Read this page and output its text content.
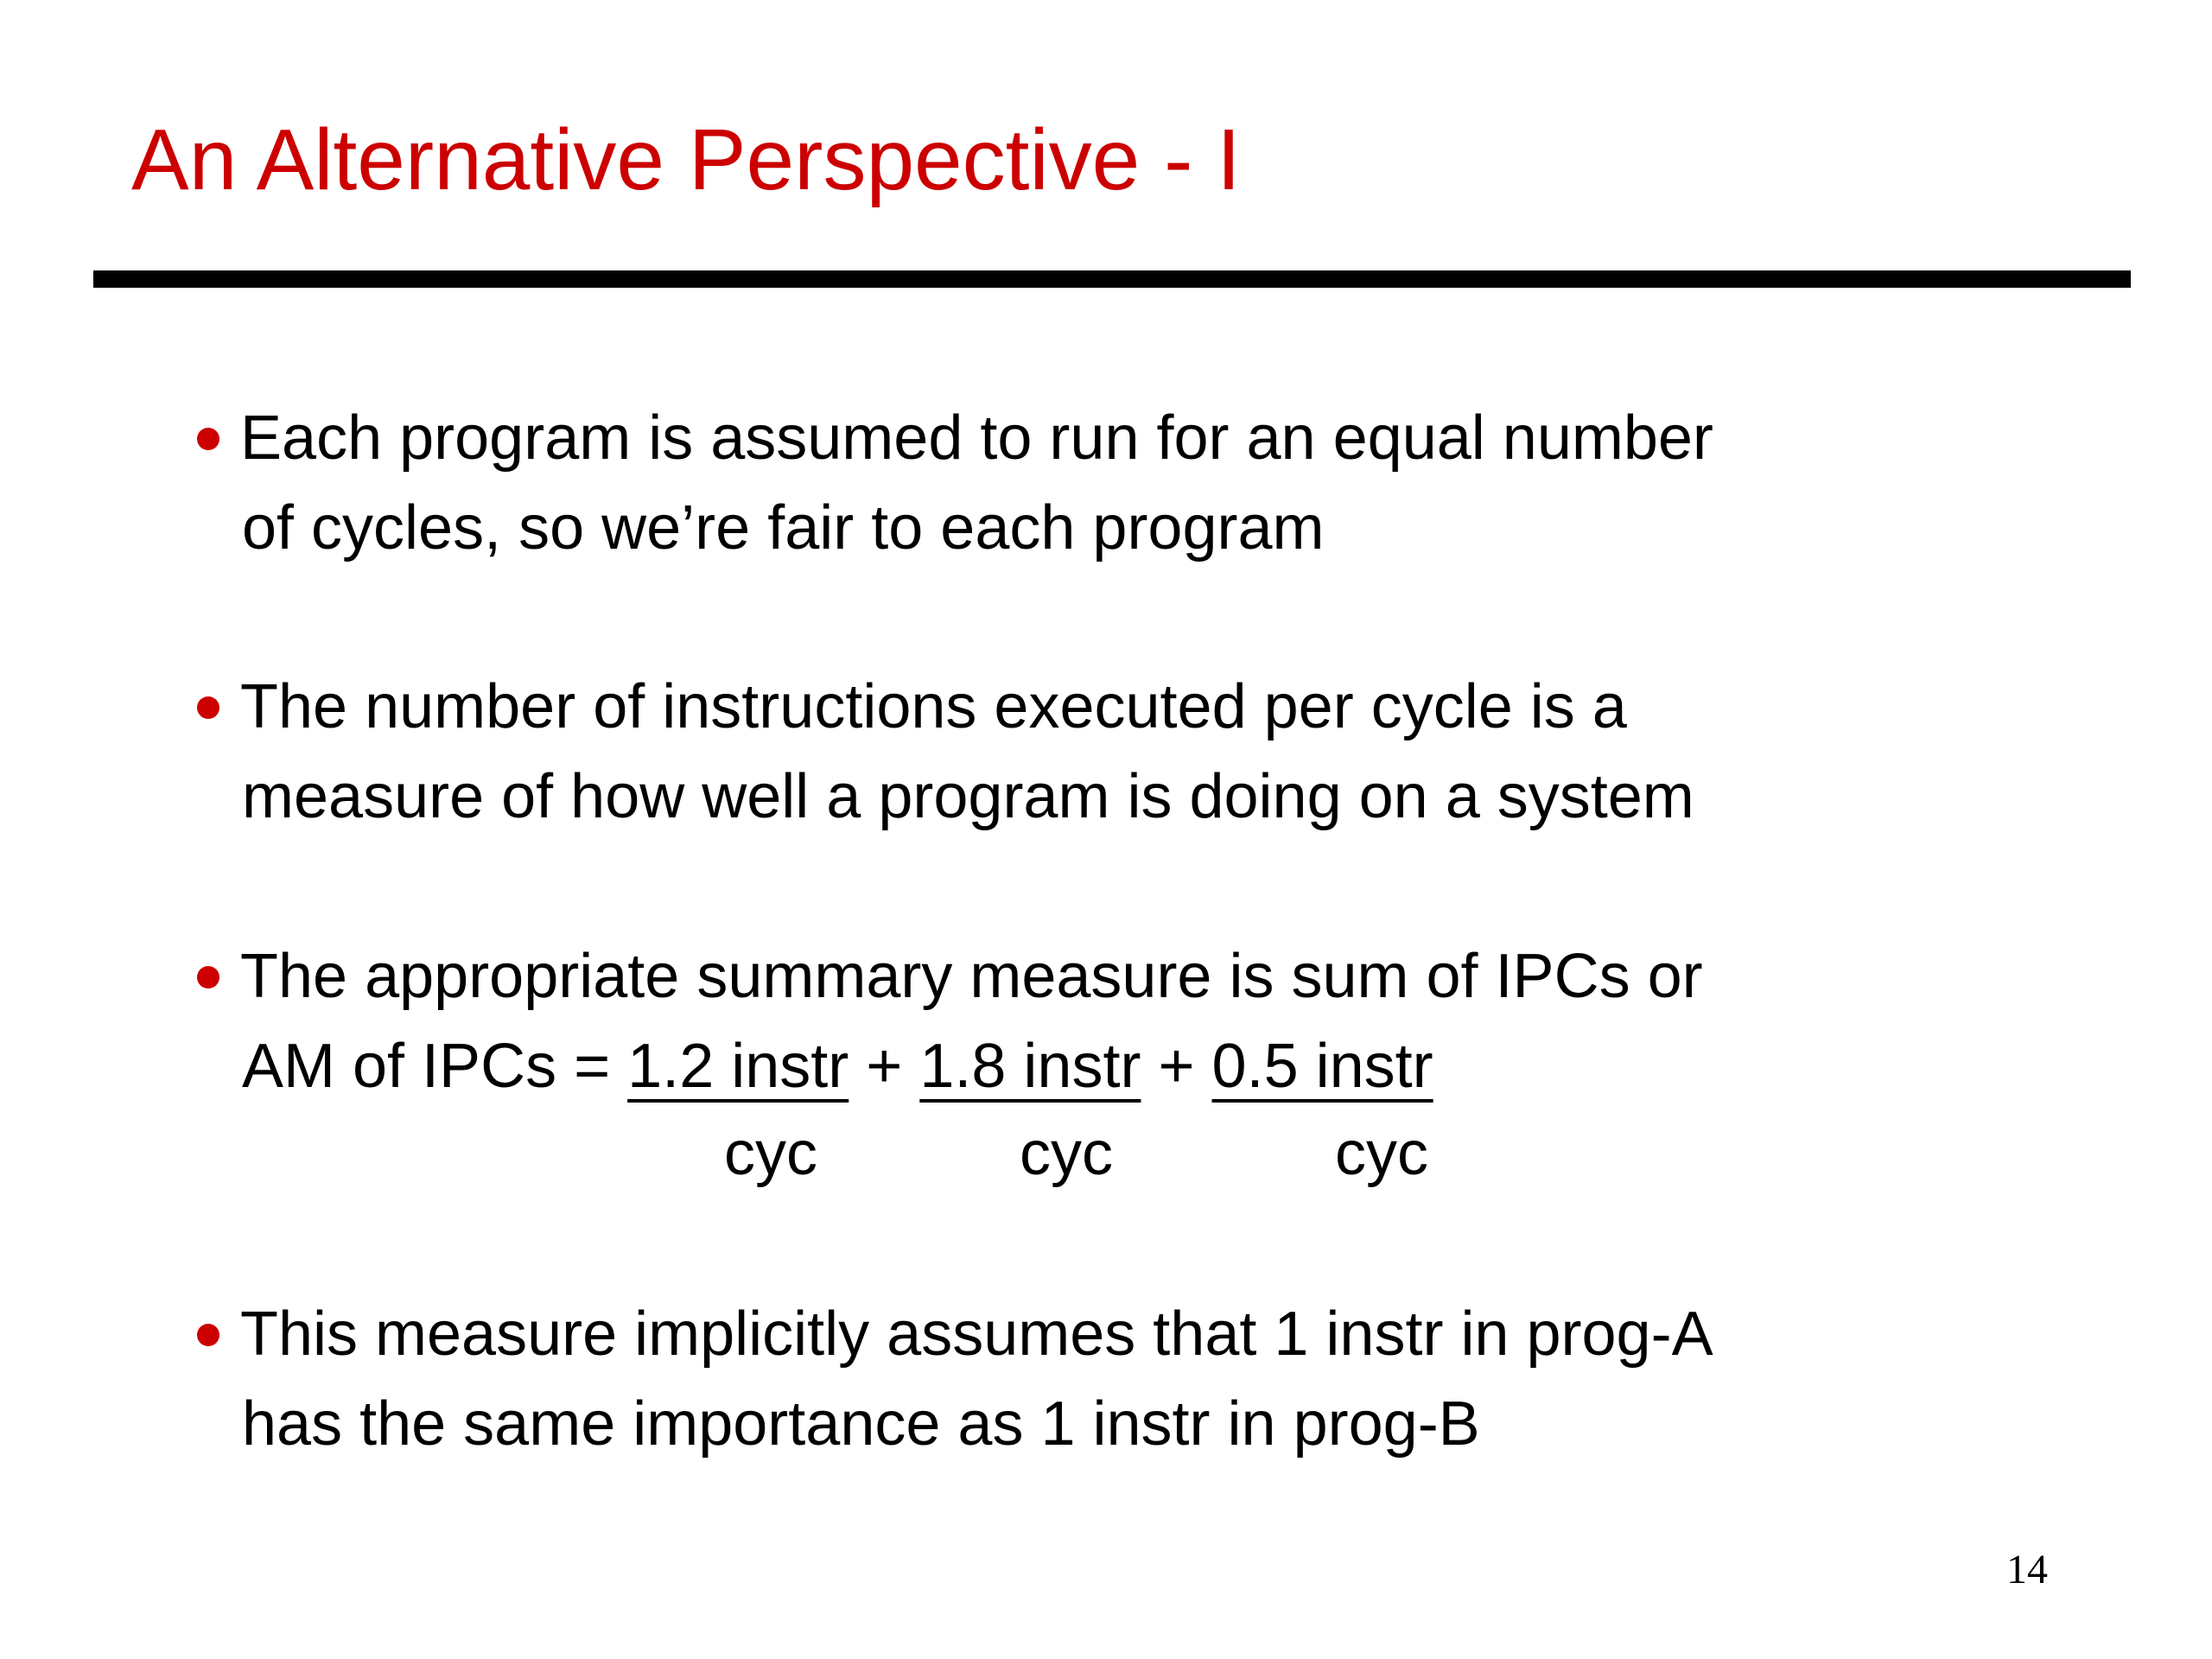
An Alternative Perspective - I
Each program is assumed to run for an equal number
of cycles, so we’re fair to each program
The number of instructions executed per cycle is a
measure of how well a program is doing on a system
The appropriate summary measure is sum of IPCs or
AM of IPCs = 1.2 instr + 1.8 instr + 0.5 instr
cyc	cyc	cyc
This measure implicitly assumes that 1 instr in prog-A
has the same importance as 1 instr in prog-B
14
